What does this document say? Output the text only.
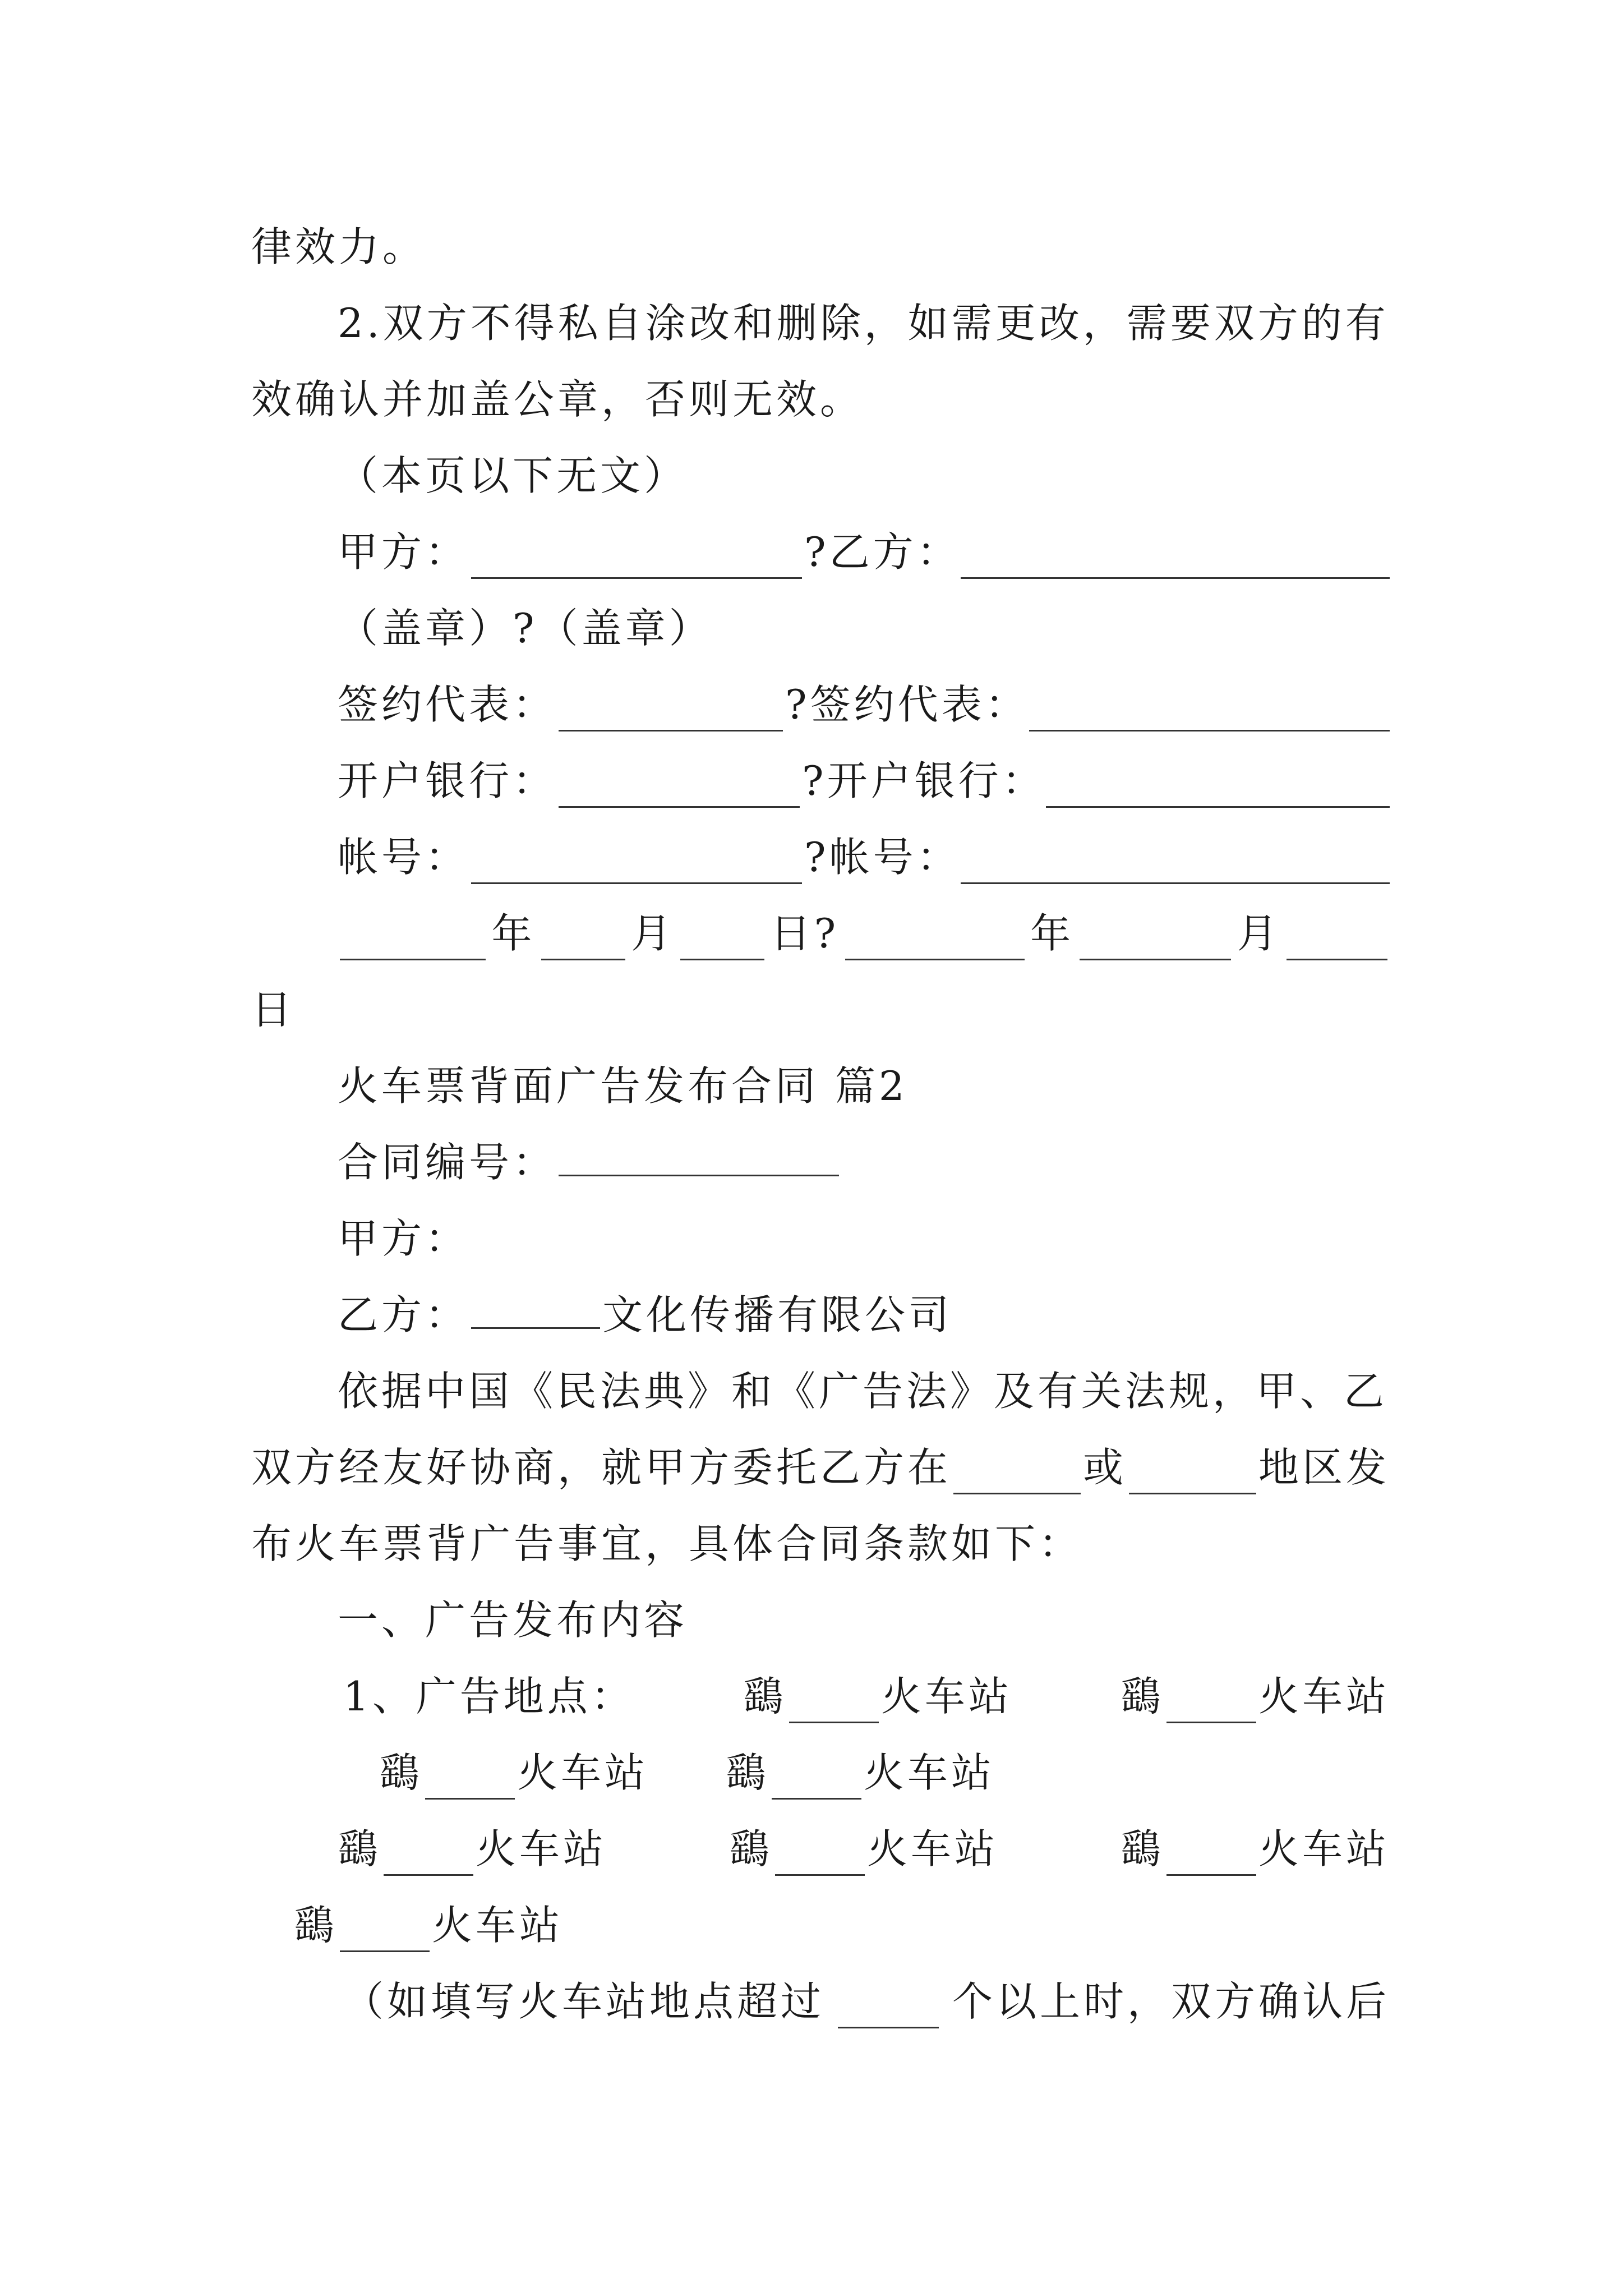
律效力。
2.双方不得私自涂改和删除，如需更改，需要双方的有
效确认并加盖公章，否则无效。
（本页以下无文）
甲方：	?乙方：
（盖章）?（盖章）
签约代表：	?签约代表：
开户银行：	?开户银行：
帐号：	?帐号：
年 月 日?	年	月
日
火车票背面广告发布合同 篇2
合同编号：
甲方：
乙方：	文化传播有限公司
依据中国《民法典》和《广告法》及有关法规，甲、乙
双方经友好协商，就甲方委托乙方在	或	地区发
布火车票背广告事宜，具体合同条款如下：
一、广告发布内容
1、广告地点：	鷂 火车站	鷂 火车站
鷂 火车站
鷂 火车站
鷂 火车站	鷂 火车站	鷂 火车站
鷂 火车站
（如填写火车站地点超过	个以上时，双方确认后
